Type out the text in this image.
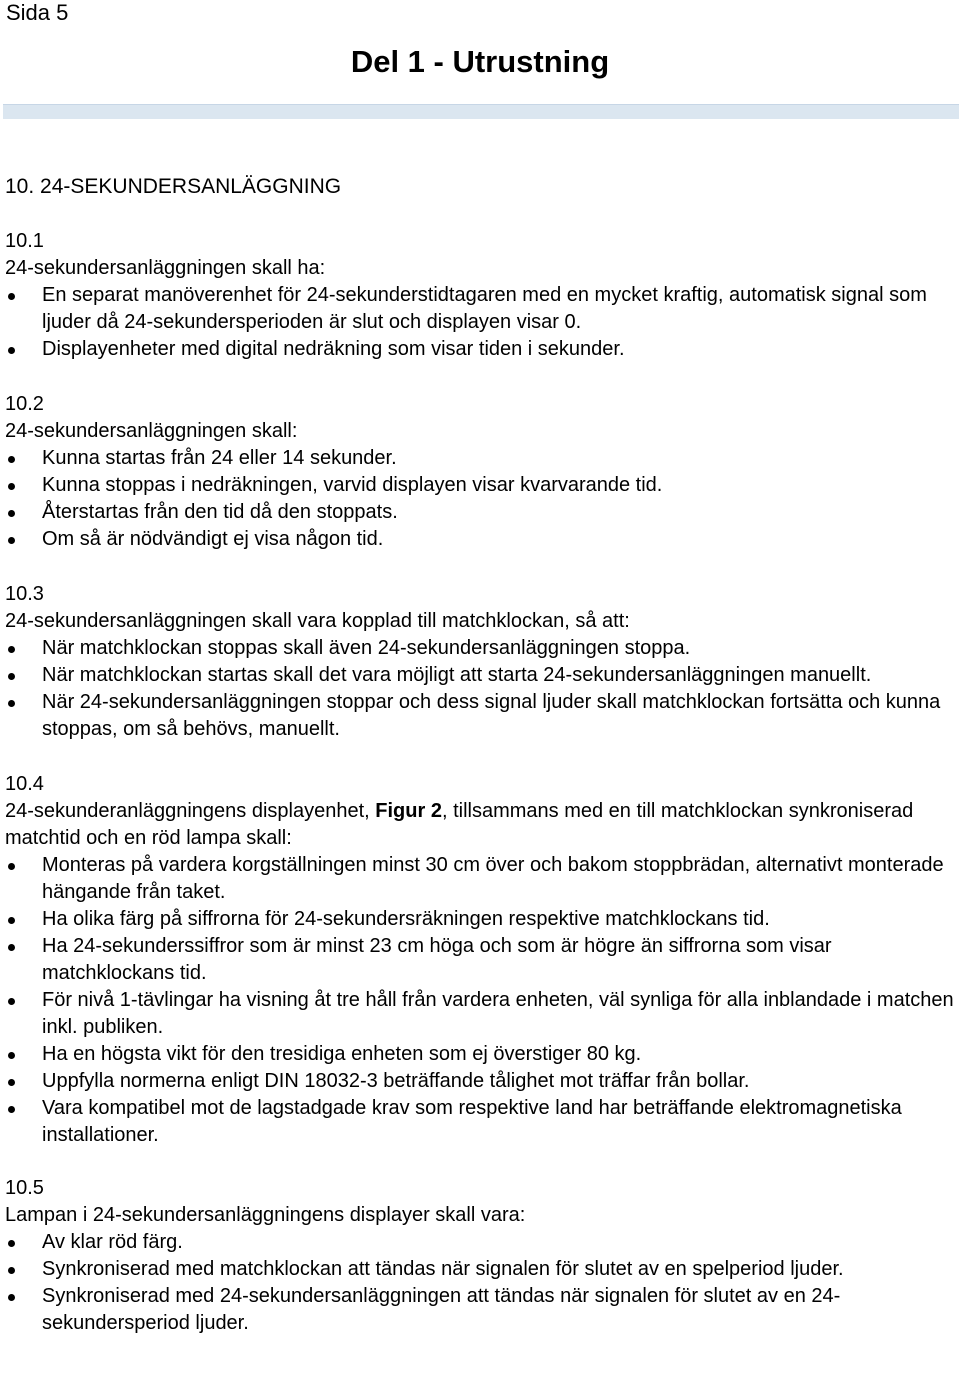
Sida 5
Del 1 - Utrustning
10. 24-SEKUNDERSANLÄGGNING
10.1
24-sekundersanläggningen skall ha:
En separat manöverenhet för 24-sekunderstidtagaren med en mycket kraftig, automatisk signal som ljuder då 24-sekundersperioden är slut och displayen visar 0.
Displayenheter med digital nedräkning som visar tiden i sekunder.
10.2
24-sekundersanläggningen skall:
Kunna startas från 24 eller 14 sekunder.
Kunna stoppas i nedräkningen, varvid displayen visar kvarvarande tid.
Återstartas från den tid då den stoppats.
Om så är nödvändigt ej visa någon tid.
10.3
24-sekundersanläggningen skall vara kopplad till matchklockan, så att:
När matchklockan stoppas skall även 24-sekundersanläggningen stoppa.
När matchklockan startas skall det vara möjligt att starta 24-sekundersanläggningen manuellt.
När 24-sekundersanläggningen stoppar och dess signal ljuder skall matchklockan fortsätta och kunna stoppas, om så behövs, manuellt.
10.4
24-sekunderanläggningens displayenhet, Figur 2, tillsammans med en till matchklockan synkroniserad matchtid och en röd lampa skall:
Monteras på vardera korgställningen minst 30 cm över och bakom stoppbrädan, alternativt monterade hängande från taket.
Ha olika färg på siffrorna för 24-sekundersräkningen respektive matchklockans tid.
Ha 24-sekunderssiffror som är minst 23 cm höga och som är högre än siffrorna som visar matchklockans tid.
För nivå 1-tävlingar ha visning åt tre håll från vardera enheten, väl synliga för alla inblandade i matchen inkl. publiken.
Ha en högsta vikt för den tresidiga enheten som ej överstiger 80 kg.
Uppfylla normerna enligt DIN 18032-3 beträffande tålighet mot träffar från bollar.
Vara kompatibel mot de lagstadgade krav som respektive land har beträffande elektromagnetiska installationer.
10.5
Lampan i 24-sekundersanläggningens displayer skall vara:
Av klar röd färg.
Synkroniserad med matchklockan att tändas när signalen för slutet av en spelperiod ljuder.
Synkroniserad med 24-sekundersanläggningen att tändas när signalen för slutet av en 24-sekundersperiod ljuder.
